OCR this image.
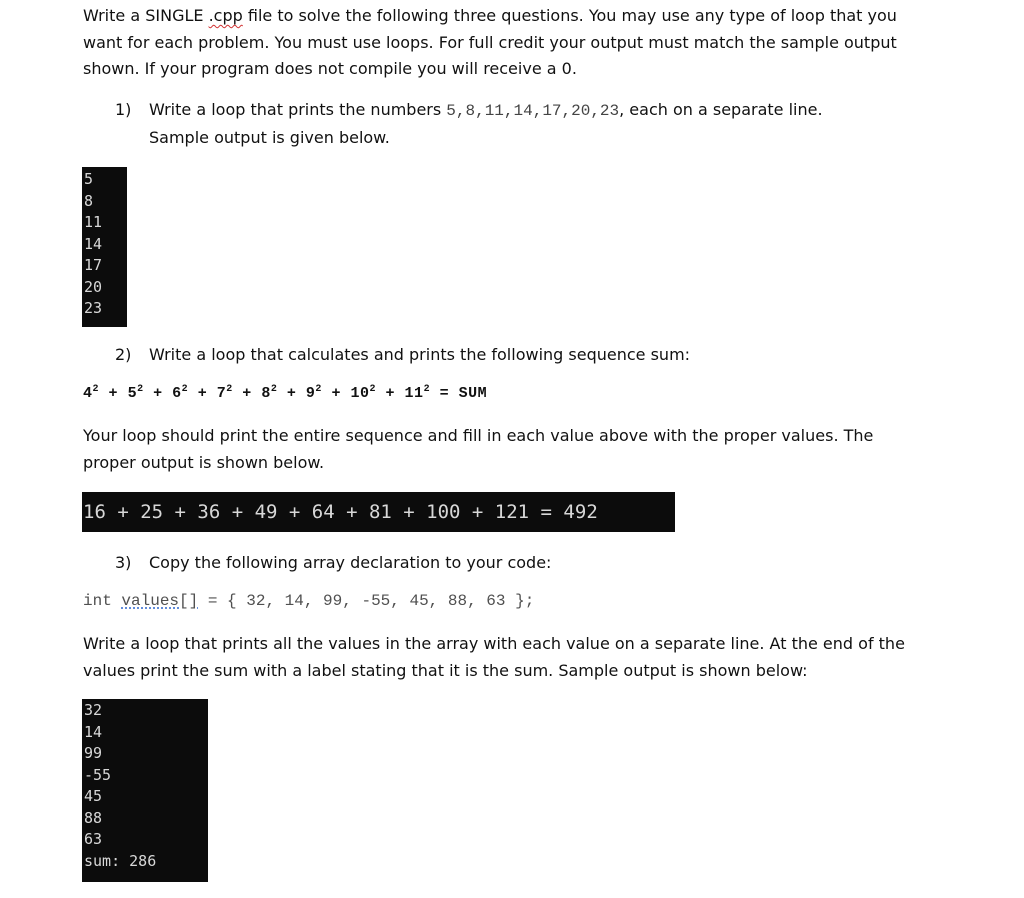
Write a SINGLE .cpp file to solve the following three questions. You may use any type of loop that you
want for each problem. You must use loops. For full credit your output must match the sample output
shown. If your program does not compile you will receive a 0.
1) Write a loop that prints the numbers 5,8,11,14,17,20,23, each on a separate line.
Sample output is given below.
5
8
11
14
17
20
23
2) Write a loop that calculates and prints the following sequence sum:
$4^2 + 5^2 + 6^2 + 7^2 + 8^2 + 9^2 + 10^2 + 11^2$ = SUM
Your loop should print the entire sequence and fill in each value above with the proper values. The
proper output is shown below.
16 + 25 + 36 + 49 + 64 + 81 + 100 + 121 = 492
3) Copy the following array declaration to your code:
int values[] = { 32, 14, 99, -55, 45, 88, 63 };
Write a loop that prints all the values in the array with each value on a separate line. At the end of the
values print the sum with a label stating that it is the sum. Sample output is shown below:
32
14
99
-55
45
88
63
sum: 286
